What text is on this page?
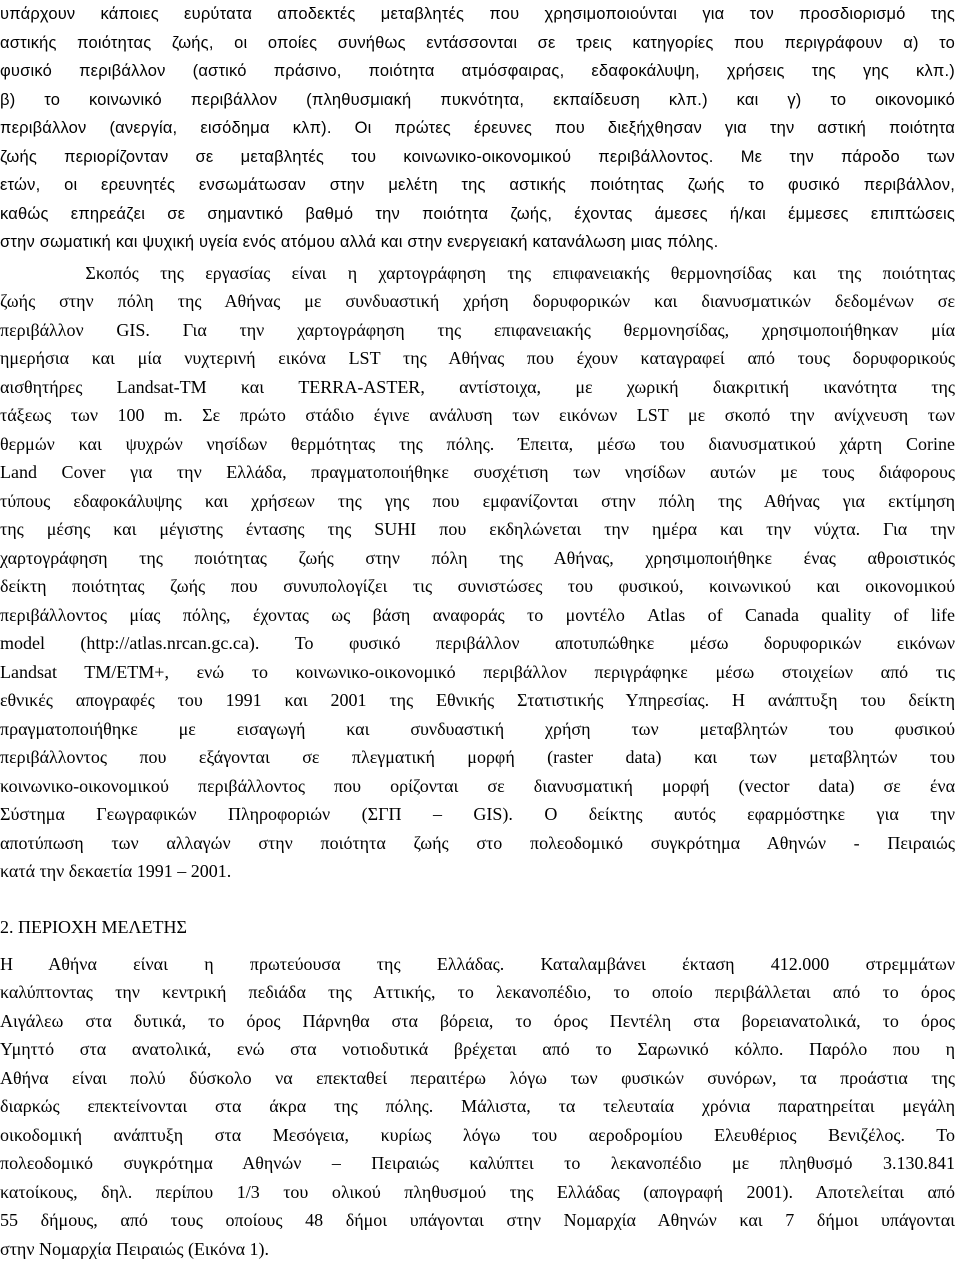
υπάρχουν κάποιες ευρύτατα αποδεκτές μεταβλητές που χρησιμοποιούνται για τον προσδιορισμό της
αστικής ποιότητας ζωής, οι οποίες συνήθως εντάσσονται σε τρεις κατηγορίες που περιγράφουν α) το
φυσικό περιβάλλον (αστικό πράσινο, ποιότητα ατμόσφαιρας, εδαφοκάλυψη, χρήσεις της γης κλπ.)
β) το κοινωνικό περιβάλλον (πληθυσμιακή πυκνότητα, εκπαίδευση κλπ.) και γ) το οικονομικό
περιβάλλον (ανεργία, εισόδημα κλπ). Οι πρώτες έρευνες που διεξήχθησαν για την αστική ποιότητα
ζωής περιορίζονταν σε μεταβλητές του κοινωνικο-οικονομικού περιβάλλοντος. Με την πάροδο των
ετών, οι ερευνητές ενσωμάτωσαν στην μελέτη της αστικής ποιότητας ζωής το φυσικό περιβάλλον,
καθώς επηρεάζει σε σημαντικό βαθμό την ποιότητα ζωής, έχοντας άμεσες ή/και έμμεσες επιπτώσεις
στην σωματική και ψυχική υγεία ενός ατόμου αλλά και στην ενεργειακή κατανάλωση μιας πόλης.
Σκοπός της εργασίας είναι η χαρτογράφηση της επιφανειακής θερμονησίδας και της ποιότητας
ζωής στην πόλη της Αθήνας με συνδυαστική χρήση δορυφορικών και διανυσματικών δεδομένων σε
περιβάλλον GIS. Για την χαρτογράφηση της επιφανειακής θερμονησίδας, χρησιμοποιήθηκαν μία
ημερήσια και μία νυχτερινή εικόνα LST της Αθήνας που έχουν καταγραφεί από τους δορυφορικούς
αισθητήρες Landsat-TM και TERRA-ASTER, αντίστοιχα, με χωρική διακριτική ικανότητα της
τάξεως των 100 m. Σε πρώτο στάδιο έγινε ανάλυση των εικόνων LST με σκοπό την ανίχνευση των
θερμών και ψυχρών νησίδων θερμότητας της πόλης. Έπειτα, μέσω του διανυσματικού χάρτη Corine
Land Cover για την Ελλάδα, πραγματοποιήθηκε συσχέτιση των νησίδων αυτών με τους διάφορους
τύπους εδαφοκάλυψης και χρήσεων της γης που εμφανίζονται στην πόλη της Αθήνας για εκτίμηση
της μέσης και μέγιστης έντασης της SUHI που εκδηλώνεται την ημέρα και την νύχτα. Για την
χαρτογράφηση της ποιότητας ζωής στην πόλη της Αθήνας, χρησιμοποιήθηκε ένας αθροιστικός
δείκτη ποιότητας ζωής που συνυπολογίζει τις συνιστώσες του φυσικού, κοινωνικού και οικονομικού
περιβάλλοντος μίας πόλης, έχοντας ως βάση αναφοράς το μοντέλο Atlas of Canada quality of life
model (http://atlas.nrcan.gc.ca). Το φυσικό περιβάλλον αποτυπώθηκε μέσω δορυφορικών εικόνων
Landsat TM/ETM+, ενώ το κοινωνικο-οικονομικό περιβάλλον περιγράφηκε μέσω στοιχείων από τις
εθνικές απογραφές του 1991 και 2001 της Εθνικής Στατιστικής Υπηρεσίας. Η ανάπτυξη του δείκτη
πραγματοποιήθηκε με εισαγωγή και συνδυαστική χρήση των μεταβλητών του φυσικού
περιβάλλοντος που εξάγονται σε πλεγματική μορφή (raster data) και των μεταβλητών του
κοινωνικο-οικονομικού περιβάλλοντος που ορίζονται σε διανυσματική μορφή (vector data) σε ένα
Σύστημα Γεωγραφικών Πληροφοριών (ΣΓΠ – GIS). Ο δείκτης αυτός εφαρμόστηκε για την
αποτύπωση των αλλαγών στην ποιότητα ζωής στο πολεοδομικό συγκρότημα Αθηνών - Πειραιώς
κατά την δεκαετία 1991 – 2001.
2. ΠΕΡΙΟΧΗ ΜΕΛΕΤΗΣ
Η Αθήνα είναι η πρωτεύουσα της Ελλάδας. Καταλαμβάνει έκταση 412.000 στρεμμάτων
καλύπτοντας την κεντρική πεδιάδα της Αττικής, το λεκανοπέδιο, το οποίο περιβάλλεται από το όρος
Αιγάλεω στα δυτικά, το όρος Πάρνηθα στα βόρεια, το όρος Πεντέλη στα βορειανατολικά, το όρος
Υμηττό στα ανατολικά, ενώ στα νοτιοδυτικά βρέχεται από το Σαρωνικό κόλπο. Παρόλο που η
Αθήνα είναι πολύ δύσκολο να επεκταθεί περαιτέρω λόγω των φυσικών συνόρων, τα προάστια της
διαρκώς επεκτείνονται στα άκρα της πόλης. Μάλιστα, τα τελευταία χρόνια παρατηρείται μεγάλη
οικοδομική ανάπτυξη στα Μεσόγεια, κυρίως λόγω του αεροδρομίου Ελευθέριος Βενιζέλος. Το
πολεοδομικό συγκρότημα Αθηνών – Πειραιώς καλύπτει το λεκανοπέδιο με πληθυσμό 3.130.841
κατοίκους, δηλ. περίπου 1/3 του ολικού πληθυσμού της Ελλάδας (απογραφή 2001). Αποτελείται από
55 δήμους, από τους οποίους 48 δήμοι υπάγονται στην Νομαρχία Αθηνών και 7 δήμοι υπάγονται
στην Νομαρχία Πειραιώς (Εικόνα 1).
